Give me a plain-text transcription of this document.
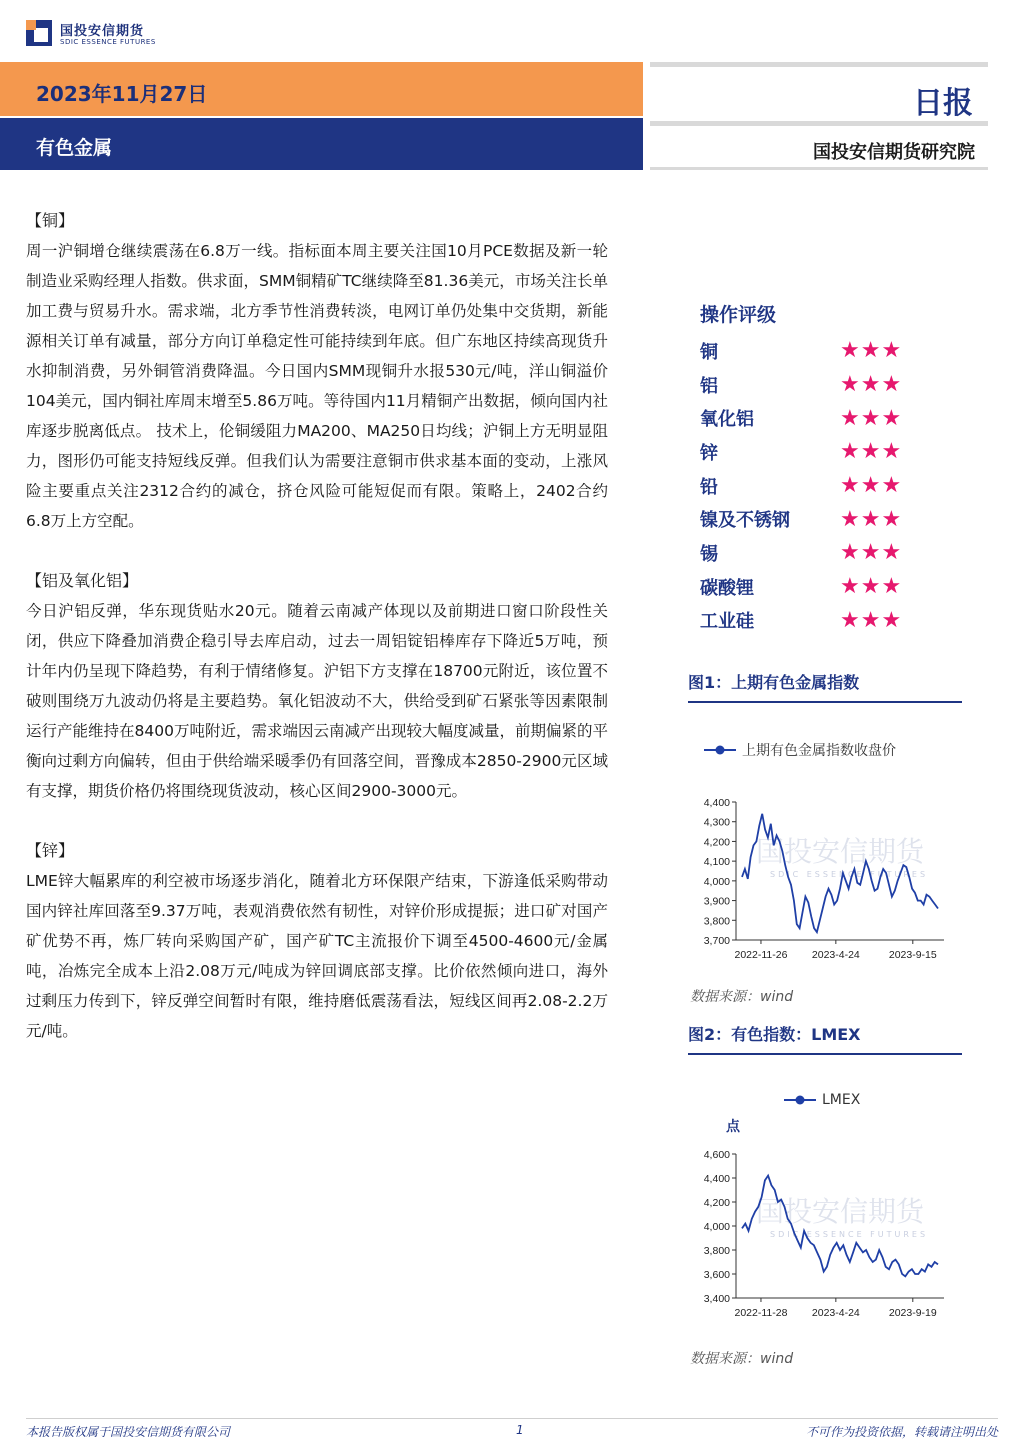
国投安信期货
SDIC ESSENCE FUTURES
2023年11月27日
有色金属
日报
国投安信期货研究院
【铜】
周一沪铜增仓继续震荡在6.8万一线。指标面本周主要关注国10月PCE数据及新一轮制造业采购经理人指数。供求面，SMM铜精矿TC继续降至81.36美元，市场关注长单加工费与贸易升水。需求端，北方季节性消费转淡，电网订单仍处集中交货期，新能源相关订单有减量，部分方向订单稳定性可能持续到年底。但广东地区持续高现货升水抑制消费，另外铜管消费降温。今日国内SMM现铜升水报530元/吨，洋山铜溢价104美元，国内铜社库周末增至5.86万吨。等待国内11月精铜产出数据，倾向国内社库逐步脱离低点。 技术上，伦铜缓阻力MA200、MA250日均线；沪铜上方无明显阻力，图形仍可能支持短线反弹。但我们认为需要注意铜市供求基本面的变动，上涨风险主要重点关注2312合约的减仓，挤仓风险可能短促而有限。策略上，2402合约6.8万上方空配。
【铝及氧化铝】
今日沪铝反弹，华东现货贴水20元。随着云南减产体现以及前期进口窗口阶段性关闭，供应下降叠加消费企稳引导去库启动，过去一周铝锭铝棒库存下降近5万吨，预计年内仍呈现下降趋势，有利于情绪修复。沪铝下方支撑在18700元附近，该位置不破则围绕万九波动仍将是主要趋势。氧化铝波动不大，供给受到矿石紧张等因素限制运行产能维持在8400万吨附近，需求端因云南减产出现较大幅度减量，前期偏紧的平衡向过剩方向偏转，但由于供给端采暖季仍有回落空间，晋豫成本2850-2900元区域有支撑，期货价格仍将围绕现货波动，核心区间2900-3000元。
【锌】
LME锌大幅累库的利空被市场逐步消化，随着北方环保限产结束，下游逢低采购带动国内锌社库回落至9.37万吨，表观消费依然有韧性，对锌价形成提振；进口矿对国产矿优势不再，炼厂转向采购国产矿，国产矿TC主流报价下调至4500-4600元/金属吨，冶炼完全成本上沿2.08万元/吨成为锌回调底部支撑。比价依然倾向进口，海外过剩压力传到下，锌反弹空间暂时有限，维持磨低震荡看法，短线区间再2.08-2.2万元/吨。
操作评级
铜	★★★
铝	★★★
氧化铝	★★★
锌	★★★
铅	★★★
镍及不锈钢	★★★
锡	★★★
碳酸锂	★★★
工业硅	★★★
图1：上期有色金属指数
上期有色金属指数收盘价
国投安信期货
SDIC ESSENCE FUTURES
3,700
3,800
3,900
4,000
4,100
4,200
4,300
4,400
2022-11-26 2023-4-24	2023-9-15
数据来源：wind
图2：有色指数：LMEX
LMEX
点
国投安信期货
SDIC ESSENCE FUTURES
3,400
3,600
3,800
4,000
4,200
4,400
4,600
2022-11-28 2023-4-24	2023-9-19
数据来源：wind
本报告版权属于国投安信期货有限公司	1	不可作为投资依据，转载请注明出处
